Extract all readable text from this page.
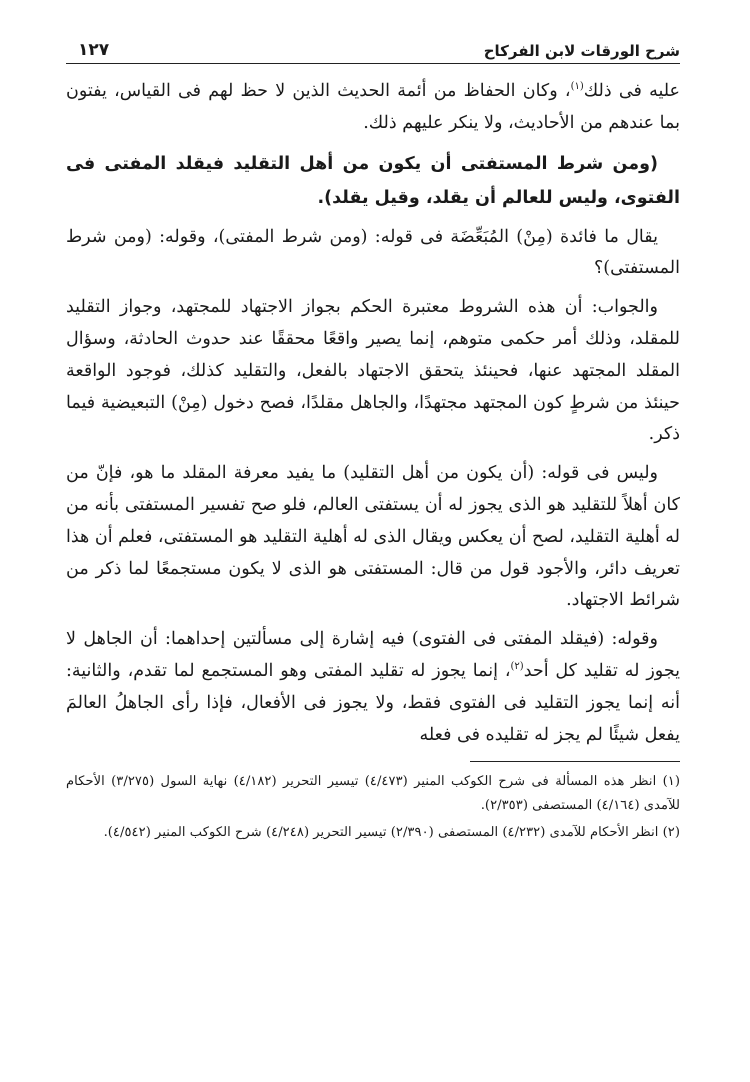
شرح الورقات لابن الفركاح
١٢٧

عليه فى ذلك$^{(١)}$، وكان الحفاظ من أئمة الحديث الذين لا حظ لهم فى القياس، يفتون بما عندهم من الأحاديث، ولا ينكر عليهم ذلك.

(ومن شرط المستفتى أن يكون من أهل التقليد فيقلد المفتى فى الفتوى، وليس للعالم أن يقلد، وقيل يقلد).

يقال ما فائدة (مِنْ) المُبَعِّضَة فى قوله: (ومن شرط المفتى)، وقوله: (ومن شرط المستفتى)؟

والجواب: أن هذه الشروط معتبرة الحكم بجواز الاجتهاد للمجتهد، وجواز التقليد للمقلد، وذلك أمر حكمى متوهم، إنما يصير واقعًا محققًا عند حدوث الحادثة، وسؤال المقلد المجتهد عنها، فحينئذ يتحقق الاجتهاد بالفعل، والتقليد كذلك، فوجود الواقعة حينئذ من شرطٍ كون المجتهد مجتهدًا، والجاهل مقلدًا، فصح دخول (مِنْ) التبعيضية فيما ذكر.

وليس فى قوله: (أن يكون من أهل التقليد) ما يفيد معرفة المقلد ما هو، فإنّ من كان أهلاً للتقليد هو الذى يجوز له أن يستفتى العالم، فلو صح تفسير المستفتى بأنه من له أهلية التقليد، لصح أن يعكس ويقال الذى له أهلية التقليد هو المستفتى، فعلم أن هذا تعريف دائر، والأجود قول من قال: المستفتى هو الذى لا يكون مستجمعًا لما ذكر من شرائط الاجتهاد.

وقوله: (فيقلد المفتى فى الفتوى) فيه إشارة إلى مسألتين إحداهما: أن الجاهل لا يجوز له تقليد كل أحد$^{(٢)}$، إنما يجوز له تقليد المفتى وهو المستجمع لما تقدم، والثانية: أنه إنما يجوز التقليد فى الفتوى فقط، ولا يجوز فى الأفعال، فإذا رأى الجاهلُ العالمَ يفعل شيئًا لم يجز له تقليده فى فعله

(١) انظر هذه المسألة فى شرح الكوكب المنير (٤/٤٧٣) تيسير التحرير (٤/١٨٢) نهاية السول (٣/٢٧٥) الأحكام للآمدى (٤/١٦٤) المستصفى (٢/٣٥٣).

(٢) انظر الأحكام للآمدى (٤/٢٣٢) المستصفى (٢/٣٩٠) تيسير التحرير (٤/٢٤٨) شرح الكوكب المنير (٤/٥٤٢).
